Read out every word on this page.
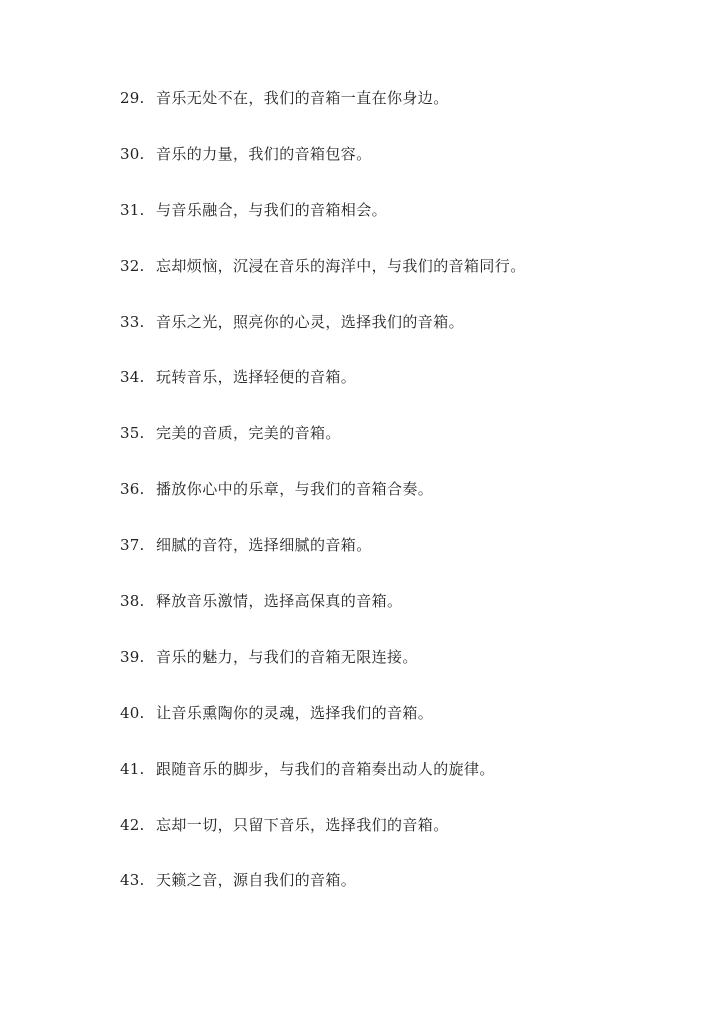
29. 音乐无处不在，我们的音箱一直在你身边。
30. 音乐的力量，我们的音箱包容。
31. 与音乐融合，与我们的音箱相会。
32. 忘却烦恼，沉浸在音乐的海洋中，与我们的音箱同行。
33. 音乐之光，照亮你的心灵，选择我们的音箱。
34. 玩转音乐，选择轻便的音箱。
35. 完美的音质，完美的音箱。
36. 播放你心中的乐章，与我们的音箱合奏。
37. 细腻的音符，选择细腻的音箱。
38. 释放音乐激情，选择高保真的音箱。
39. 音乐的魅力，与我们的音箱无限连接。
40. 让音乐熏陶你的灵魂，选择我们的音箱。
41. 跟随音乐的脚步，与我们的音箱奏出动人的旋律。
42. 忘却一切，只留下音乐，选择我们的音箱。
43. 天籁之音，源自我们的音箱。
